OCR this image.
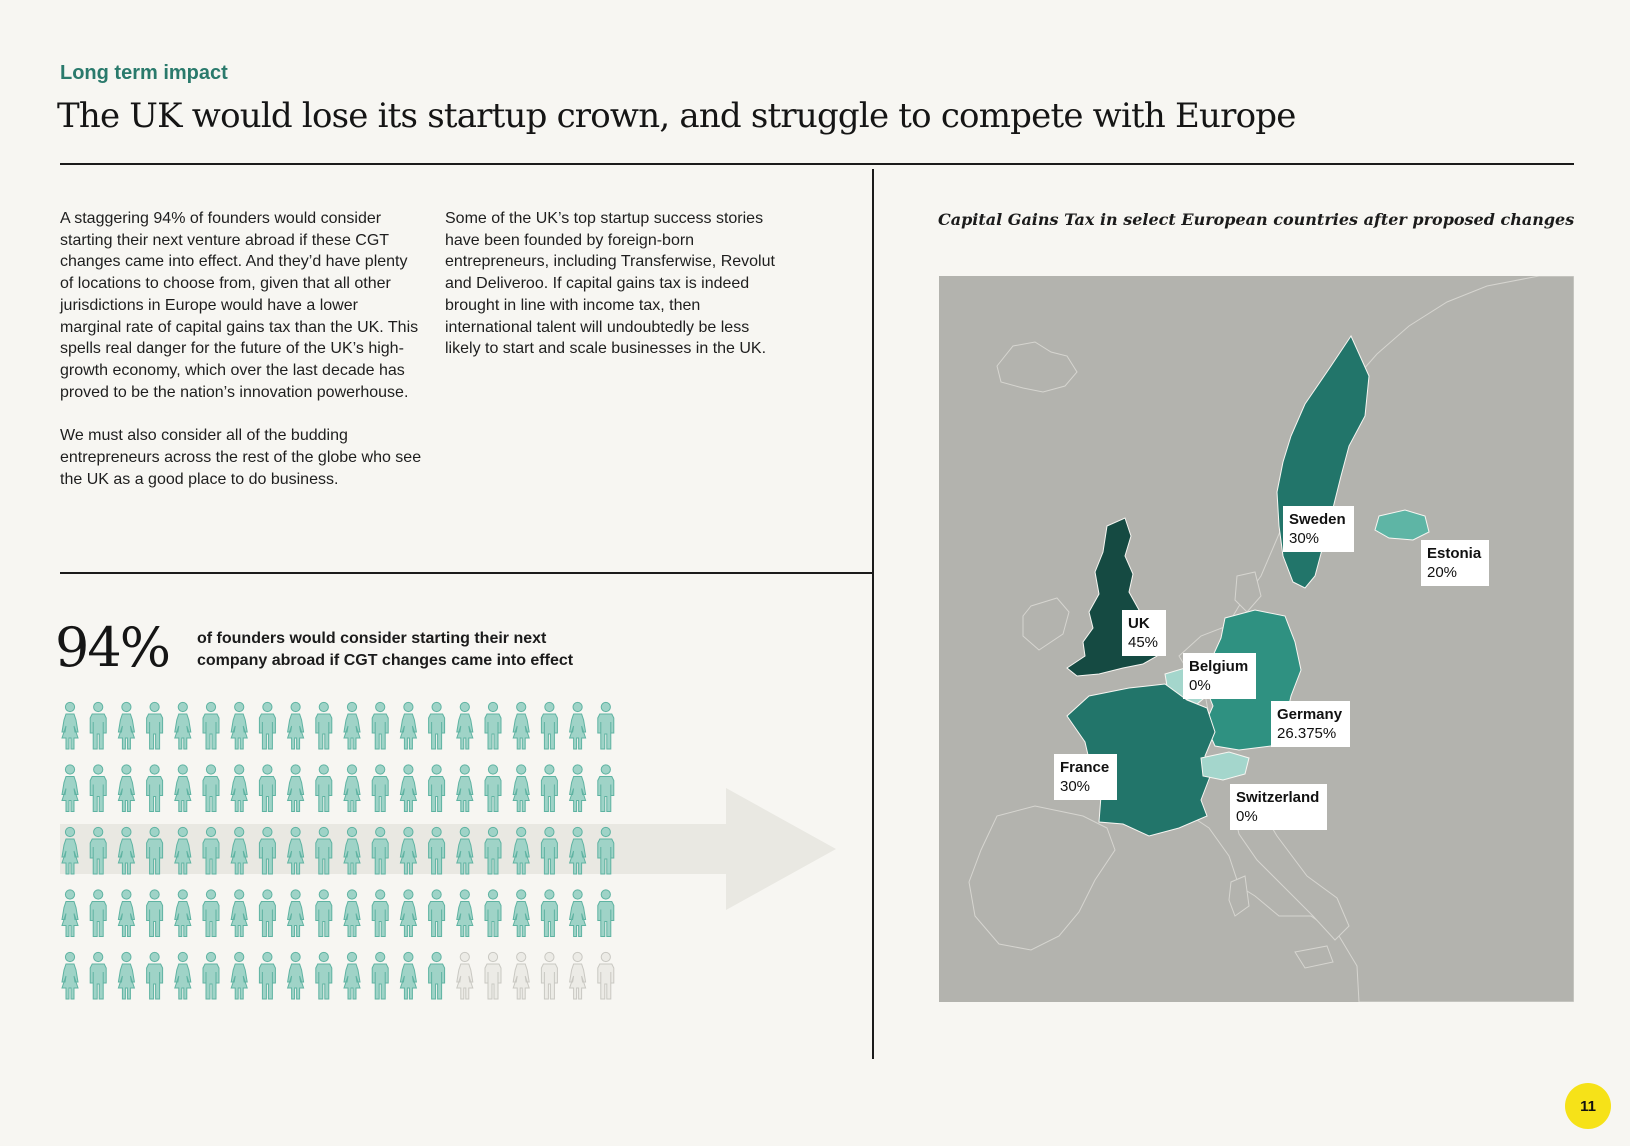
Long term impact
The UK would lose its startup crown, and struggle to compete with Europe

A staggering 94% of founders would consider starting their next venture abroad if these CGT changes came into effect. And they’d have plenty of locations to choose from, given that all other jurisdictions in Europe would have a lower marginal rate of capital gains tax than the UK. This spells real danger for the future of the UK’s high-growth economy, which over the last decade has proved to be the nation’s innovation powerhouse.

We must also consider all of the budding entrepreneurs across the rest of the globe who see the UK as a good place to do business.

Some of the UK’s top startup success stories have been founded by foreign-born entrepreneurs, including Transferwise, Revolut and Deliveroo. If capital gains tax is indeed brought in line with income tax, then international talent will undoubtedly be less likely to start and scale businesses in the UK.

94% of founders would consider starting their next company abroad if CGT changes came into effect
Capital Gains Tax in select European countries after proposed changes
Sweden
30%
Estonia
20%
UK
45%
Belgium
0%
Germany
26.375%
France
30%
Switzerland
0%
11
